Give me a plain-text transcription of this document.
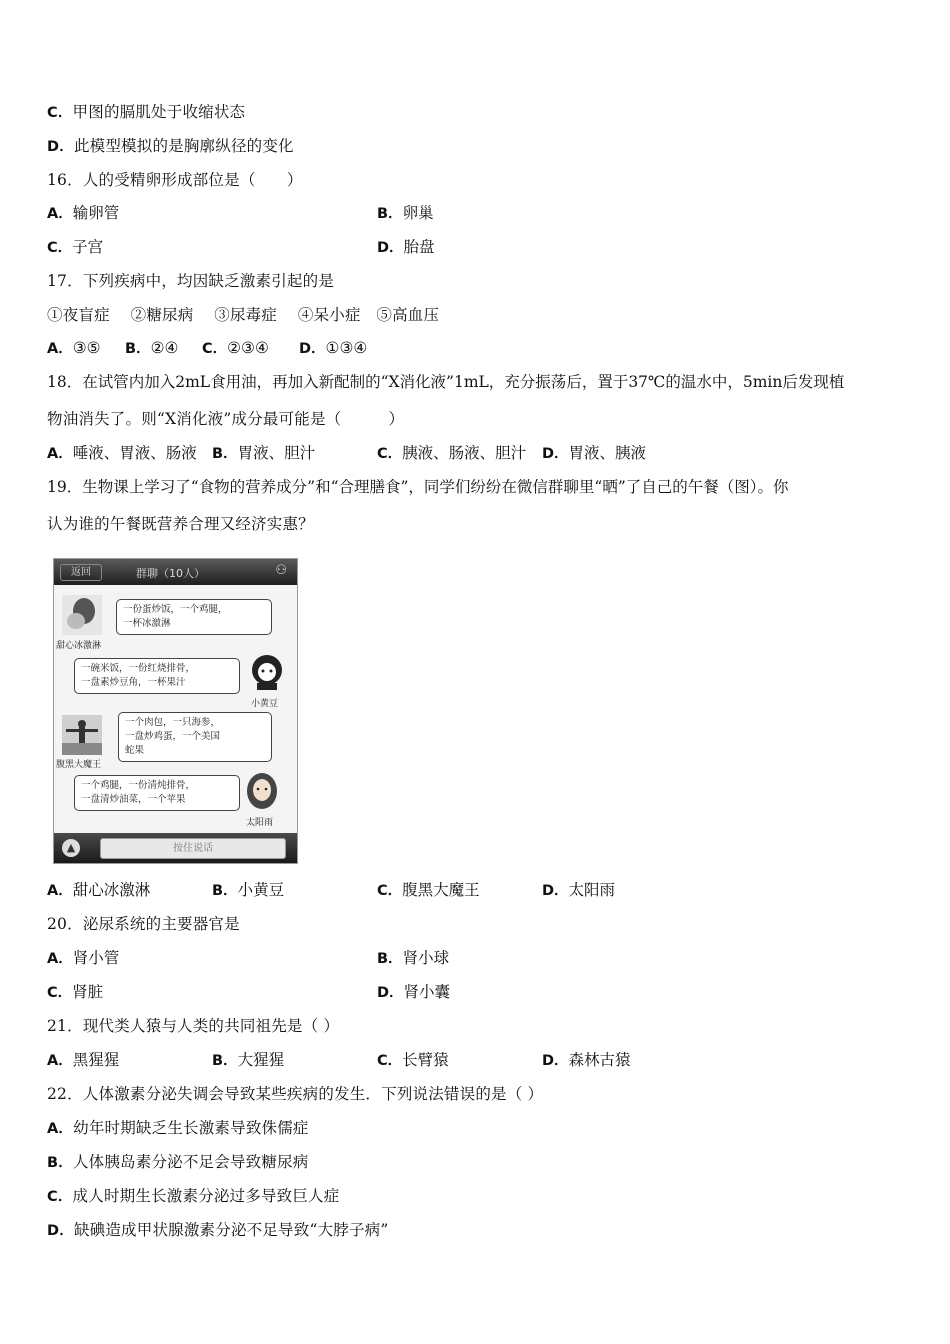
C．甲图的膈肌处于收缩状态
D．此模型模拟的是胸廓纵径的变化
16．人的受精卵形成部位是（　　）
A．输卵管	B．卵巢
C．子宫	D．胎盘
17．下列疾病中，均因缺乏激素引起的是
①夜盲症　 ②糖尿病　 ③尿毒症　 ④呆小症　⑤高血压
A．③⑤ B．②④ C．②③④ D．①③④
18．在试管内加入2mL食用油，再加入新配制的“X消化液”1mL，充分振荡后，置于37℃的温水中，5min后发现植
物油消失了。则“X消化液”成分最可能是（　　　）
A．唾液、胃液、肠液 B．胃液、胆汁	C．胰液、肠液、胆汁 D．胃液、胰液
19．生物课上学习了“食物的营养成分”和“合理膳食”，同学们纷纷在微信群聊里“晒”了自己的午餐（图）。你
认为谁的午餐既营养合理又经济实惠？
返回	群聊（10人）	⚇
甜心冰激淋
一份蛋炒饭，一个鸡腿，
一杯冰激淋
一碗米饭，一份红烧排骨，
一盘素炒豆角，一杯果汁
小黄豆
腹黑大魔王
一个肉包，一只海参，
一盘炒鸡蛋，一个美国
蛇果
一个鸡腿，一份清炖排骨，
一盘清炒油菜，一个苹果
太阳雨
▲	按住说话
A．甜心冰激淋	B．小黄豆	C．腹黑大魔王	D．太阳雨
20．泌尿系统的主要器官是
A．肾小管	B．肾小球
C．肾脏	D．肾小囊
21．现代类人猿与人类的共同祖先是（ ）
A．黑猩猩	B．大猩猩	C．长臂猿	D．森林古猿
22．人体激素分泌失调会导致某些疾病的发生．下列说法错误的是（ ）
A．幼年时期缺乏生长激素导致侏儒症
B．人体胰岛素分泌不足会导致糖尿病
C．成人时期生长激素分泌过多导致巨人症
D．缺碘造成甲状腺激素分泌不足导致“大脖子病”
